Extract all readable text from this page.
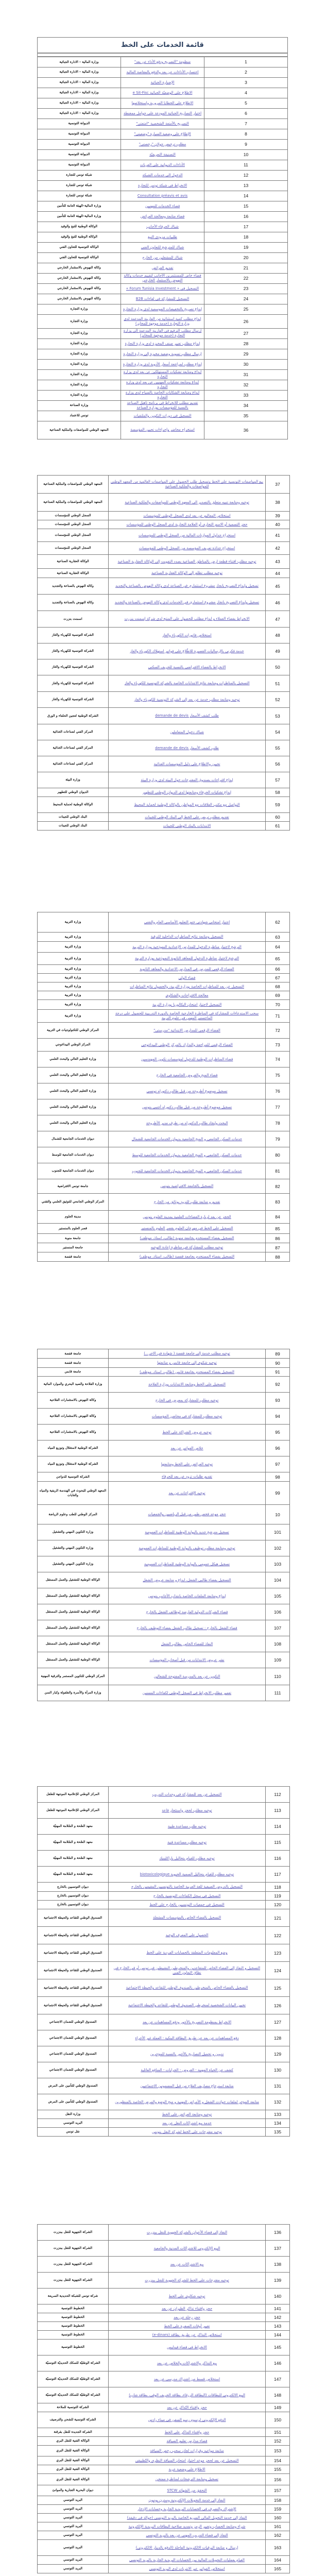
قائمة الخدمات على الخط		

وزارة المالية – الادارة الجبائية	منظومة "التصريح ودفع الأداء عن بعد"	1
وزارة المالية – الادارة الجبائية	احتساب الأداءات عن بعد والدفع بالمقاصة المالية	2
وزارة المالية – الادارة الجبائية	الإضبارة الجبائية	3
وزارة المالية – الادارة الجبائية	الاطلاع على الوضعيّة الجبائية e Sit-Fisc	4
وزارة المالية – الادارة الجبائية	الاطلاع على الخطايا المرورية واستخلاصها	5
وزارة المالية – الادارة الجبائية	اختيار التصاريح الجبائية المودعة على حوامل ممغنطة	6
الديوانة التونسية	التصريح بالأمتعة الشخصية "امتعتي"	7
الديوانة التونسية	الإطلاع على وضعية السيارة "وضعيتي"	8
الديوانة التونسية	مطلب ترخيص جولان "رخصتي"	9
الديوانة التونسية	التصنيفة التعريفيّة	10
الديوانة التونسية	الأداءات الديوانية على العربات	11
شبكة تونس للتجارة	الدخول الى خدمات الشبكة	12
شبكة تونس للتجارة	الانخراط في شبكة تونس للتجارة	13
شبكة تونس للتجارة	Consultation préavis et avis	14
وزارة المالية–الهيئة العامة للتأمين	فضاء الخدمات للمهنيين	15
وزارة المالية–الهيئة العامة للتأمين	فضاء متابعة ومعالجة العرائض	16
الوكالة الوطنية للتبغ والوقيد	شباك الحرفاء الأجانب	17
الوكالة الوطنية للتبغ والوقيد	طلبيات مزودي التبغ	18
الوكالة التونسية للتعاون الفني	شباك للمترشح للتعاون الفني	19
الوكالة التونسية للتعاون الفني	شباك للمشغلين من الخارج	20
وكالة النهوض بالاستثمار الخارجي	تقديم العرائض	21
وكالة النهوض بالاستثمار الخارجي	فضاء خاص للمستثمرين الأجانب لتقييم خدمات وكالة النهوض بالاستثمار الخارجي	22
وكالة النهوض بالاستثمار الخارجي	التسجيل في « Forum Tunisia Investment »	23
وكالة النهوض بالاستثمار الخارجي	التسجيل للمشاركة في لقاءات B2B	24
وزارة التجارة	إيداع تصريح بالتخفيضات الموسمية لدى وزارة التجارة	25
وزارة التجارة	إيداع مطلب كمية استثنائية من الفارينة المدعمة لدى وزارة التجارة (خدمة موجهة للمخابز)	26
وزارة التجارة	إرسال مطلب الترفيع في الفارينة المدعمة إلى وزارة التجارة (خدمة موجهة للمخابز)	27
وزارة التجارة	إيداع مطلب تغيير صنف المخبزة لدى وزارة التجارة	28
وزارة التجارة	إرسال مطلب تسوية وضعية مخبزة إلى وزارة التجارة	29
وزارة التجارة	إيداع مطلب لمراجعة أسعار الأدوية لدى وزارة التجارة	30
وزارة التجارة	إيداع ومتابعة تشكيات المستهلكين عن بعد لدى وزارة التجارة	31
وزارة التجارة	إيداع ومتابعة تشكيات المهنيين عن بعد لدى وزارة التجارة	32
وزارة التجارة	إيداع ومتابعة الشكايات الخاصة بالسياح لدى وزارة التجارة	33
وزارة الصناعة	تقديم مطلب للانخراط في برنامج تأهيل الصناعة بالنسبة للمؤسسات بوزارة الصناعة	34
تونس للاعتماد	التسجيل في دورات التكوين والملتقيات	35
المعهد الوطني للمواصفات والملكية الصناعية	استخراج محاضر وإجراءات تحيين المؤسسة	36
المعهد الوطني للمواصفات والملكية الصناعية	بيع المواصفات التونسية على الخط وتسجيل طلب الحصول على المواصفات العالمية من المعهد الوطني للمواصفات والملكية الصناعية	37
المعهد الوطني للمواصفات والملكية الصناعية	توجيه ومتابعة تنبيه متعلق بالتصدير الى المعهد الوطني للمواصفات والملكية الصناعية	38
السجل الوطني للمؤسسات	استخلاص المعاليم عن بعد لدى السجل الوطني للمؤسسات	39
السجل الوطني للمؤسسات	حجز التسمية أو الاسم التجاري أو العلامة التجارية لدى السجل الوطني للمؤسسات	40
السجل الوطني للمؤسسات	استخراج جداول الموازنات المالية من السجل الوطني للمؤسسات	41
السجل الوطني للمؤسسات	استخراج جذاذة تعريف المؤسسة من السجل الوطني للمؤسسات	42
الوكالة العقارية الصناعية	توجيه مطلب اقتناء قطعة ارض بالمناطق الصناعية بصدد التفويت إلى الوكالة العقارية الصناعية	43
الوكالة العقارية الصناعية	توجيه مطلب تظلم إلى الوكالة العقارية الصناعية	44
وكالة النهوض بالصناعة والتجديد	تسجيل وإيداع التصريح بانجاز مشروع استثماري في الصناعة لدى وكالة النهوض بالصناعة والتجديد	45
وكالة النهوض بالصناعة والتجديد	تسجيل وإيداع التصريح بانجاز مشروع استثماري في الخدمات لدى وكالة النهوض بالصناعة والتجديد	46
اسمنت بنزرت	الانخراط بفضاء العملاء و ايداع مطلب للحصول على المنتج لدى شركة إسمنت بنزرت	47
الشركة التونسية للكهرباء والغاز	استخلاص فاتورات الكهرباء والغاز	48
الشركة التونسية للكهرباء والغاز	خدمة فكرني بالإرساليات القصيرة للاطّلاع على فواتير استهلاك الكهرباء والغاز	49
الشركة التونسية للكهرباء والغاز	الانخراط بالفضاء الافتراضي بالنسبة للحريف السكني	50
الشركة التونسية للكهرباء والغاز	التسجيل بالمناظرات ومتابعة نتائج الانتدابات الخاصة بالشركة التونسية للكهرباء والغاز	51
الشركة التونسية للكهرباء والغاز	توجيه ومتابعة مطلب خدمة عن بعد إلى الشركة التونسية للكهرباء والغاز	52
الشركة الوطنية لعجين الحلفاء و الورق	طلب كشف الأسعار demande de devis	53
المركز الفني لصناعات الغذائية	شباك دخول المتعاملين	54
المركز الفني لصناعات الغذائية	طلب كشف الأسعار demande de devis	55
المركز الفني لصناعات الغذائية	تحيين والاطلاع على دليل المؤسسات الغذائية	56
وزارة البيئة	إيداع اقتراحات بصندوق المقترحات حول البيئة لدى وزارة البيئة	57
الديوان الوطني للتطهير	إيداع تشكيات الحرفاء ومتابعتها لدى الديوان الوطني للتطهير	58
الوكالة الوطنية لحماية المحيط	التواصل مع مكتب العلاقات مع المواطن بالوكالة الوطنية لحماية المحيط	59
البنك الوطني للجينات	تقديم مطلب تربص على الخط إلى البنك الوطني للجينات	60
البنك الوطني للجينات	الانتدابات بالبنك الوطني للجينات	61
وزارة التربية	اجتياز امتحاني شهادتي ختم التعليم الأساسي العام والتقني	62
وزارة التربية	التسجيل ومتابعة نتائج المناظرات الداخلية للترقية	63
وزارة التربية	الترشح لاجتياز مناظرة الدخول للمدارس الإعدادية النموذجية بوزارة التربية	64
وزارة التربية	الترشح لاجتياز مناظرة الدخول للمعاهد الثانوية النموذجية بوزارة التربية	65
وزارة التربية	الفضاء الرقمي للمدرس في المدارس الاعدادية والمعاهد الثانوية	66
وزارة التربية	فضاء الولي	67
وزارة التربية	التسجيل عن بعد للمناظرات الخاصة بوزارة التربية، والحصول نتائج المناظرات	68
وزارة التربية	معالجة الاقتراحات والشكاوى	69
وزارة التربية	التسجيل لاجتياز امتحان البكالوريا بوزارة التربية	70
وزارة التربية	سحب الاستدعاءات للمشاركة في المناظرة الخارجية الخاصة بالدورة التدريبية للحصول على درجة الماجستير المهني في علوم التربية	71
المركز الوطني للتكنولوجيات في التربية	الفضاء الرقمي للمدارس الابتدائية "مدرستي"	72
المركز الوطني البيداغوجي	الفضاء الرقمي للمراجعة والتدارك بالمركز الوطني البيداغوجي	73
وزارة التعليم العالي والبحث العلمي	فضاء المناظرات الوطنية للدخول لمؤسسات تكوين المهندسين	74
وزارة التعليم العالي والبحث العلمي	فضاء المنح والقروض الجامعية في الخارج	75
وزارة التعليم العالي والبحث العلمي	تسجيل موضوع أطروحة من قبل طالب دكتوراه تونسي	76
وزارة التعليم العالي والبحث العلمي	تسجيل موضوع أطروحة من قبل طالب دكتوراه أجنبي بتونس	77
وزارة التعليم العالي والبحث العلمي	البحث وإيجاد طالب الدكتوراه من طرف مدير الأطروحة	78
ديوان الخدمات الجامعية للشمال	خدمات السكن الجامعي و المنح الجامعية بديوان الخدمات الجامعية للشمال	79
ديوان الخدمات الجامعية للوسط	خدمات السكن الجامعي و المنح الجامعية بديوان الخدمات الجامعية للوسط	80
ديوان الخدمات الجامعية للجنوب	خدمات السكن الجامعي و المنح الجامعية بديوان الخدمات الجامعية للجنوب	81
جامعة تونس الافتراضية	التسجيل بالجامعة الافتراضية بتونس	82
المركز الوطني الجامعي للتوثيق العلمي والتقني	تقديم و متابعة طلب للتزود بوثائق من الخارج	83
مدينة العلوم	الحجز عن بعد لزيارة الفضاءات العلمية بمدينة العلوم بتونس	84
قصر العلوم بالمنستير	التسجيل على الخط في مهرجان العلوم بقصر العلوم بالمنستير	85
جامعة منوبة	التسجيل بفضاء المستخدم بجامعة منوبة (طالب، استاذ، موظف)	86
جامعة المنستير	توجيه مطلب للمشاركة في مناظرة إعادة التوجيه	87
جامعة قفصة	التسجيل بفضاء المستخدم بجامعة قفصة (طالب، استاذ، موظف)	88
جامعة قفصة	توجيه مطلب خدمة إلى جامعة قفصة ( شهادة في الاجر...)	89
جامعة قفصة	توجيه شكوى إلى جامعة قابس و متابعتها	90
جامعة قابس	التسجيل بفضاء المستخدم بجامعة قابس (طالب، استاذ، موظف)	91
وزارة الفلاحة والصيد البحري والموارد المائية	التسجيل على الخط ومتابعة الانتدابات بوزارة الفلاحة	92
وكالة النهوض بالاستثمارات الفلاحية	توجيه مطلب للمشاركة بمعرض في الخارج	93
وكالة النهوض بالاستثمارات الفلاحية	توجيه مطلب للمشاركة في محاضن المؤسسات	94
وكالة النهوض بالاستثمارات الفلاحية	توجيه عروض الشراكة على الخط	95
الشركة الوطنية لاستغلال وتوزيع المياه	خلاص الفواتير عن بعد	96
الشركة الوطنية لاستغلال وتوزيع المياه	توجيه العرائض على الخط ومتابعتها	97
الشركة التونسية للدواجن	تقديم طلبات تزود عن بعد للحرفاء	98
المعهد الوطني للبحوث في الهندسة الريفية والمياه والغابات	توجيه الإقتراحات عن بعد	99
المركز الوطني للطب وعلوم الرياضة	حجز موعد فحص طبي من قبل الرياضيين والجمعيات	10
وزارة التكوين المهني والتشغيل	تسجيل مترشح جديد بالبوابة الوطنية للمناظرات العمومية	101
وزارة التكوين المهني والتشغيل	توجيه ومتابعة مطلب توظيف بالبوابة الوطنية للمناظرات العمومية	102
وزارة التكوين المهني والتشغيل	تسجيل هيكل عمومي بالبوابة الوطنية للمناظرات العمومية	103
الوكالة الوطنية للتشغيل والعمل المستقل	التسجيل بفضاء طالبي الشغل، ايداع و متابعة عروض الشغل	104
الوكالة الوطنية للتشغيل والعمل المستقل	إيداع ومتابعة الملفات الخاصة بانتداب الأجانب بتونس	105
الوكالة الوطنية للتشغيل والعمل المستقل	فضاء الشركات الدولية العارضة لوظائف الشغل بالخارج	106
الوكالة الوطنية للتشغيل والعمل المستقل	فضاء الشغل بالخارج : تسجيل طالب الشغل بفضاء التوظيف بالخارج	107
الوكالة الوطنية للتشغيل والعمل المستقل	النفاذ للفضاء الخاص بطالب الشغل	108
الوكالة الوطنية للتشغيل والعمل المستقل	نشر عروض الانتدابات من قبل أصحاب المؤسسات	109
المركز الوطني للتكوين المستمر والترقية المهنية	التكوين عن بعد بالمدرسة المفتوحة للشغالين	110
وزارة المرأة والأسرة والطفولة وكبار السن	تعمير مطلب الانخراط في السجل الوطني لكفاءات المسنين	111
المركز الوطني للإعلامية الموجهة للطفل	التسجيل عن بعد للمشاركة في وحدات التدريب	112
المركز الوطني للإعلامية الموجهة للطفل	توجيه مطلب لحجز واستئجار قاعة	113
معهد الصّحة و السّلامة المهنيّة	توجيه طلب مساعدة طبية	114
معهد الصّحة و السّلامة المهنيّة	توجيه مطلب مساعدة فنية	115
معهد الصّحة و السّلامة المهنيّة	توجيه مطلب للقيام بتحاليل باراكلينيك	116
معهد الصّحة و السّلامة المهنيّة	توجيه مطلب للقيام بتحاليل السمية الحيوية biotoxicologique	117
ديوان التونسيين بالخارج	التسجيل بالدروس الصيفية للغة العربية الخاصة بالتونسيين المقيمين بالخارج	118
ديوان التونسيين بالخارج	التسجيل في سجل الكفاءات التونسية بالخارج	119
ديوان التونسيين بالخارج	التسجيل في جمعيات التونسيين بالخارج على الخط	120
الصندوق الوطني للتقاعد والحيطة الاجتماعية	التسجيل بالفضاء الخاص بالمؤسسات المشغلة	121
الصندوق الوطني للتقاعد والحيطة الاجتماعية	الحصول على المعرف الوحيد	122
الصندوق الوطني للتقاعد والحيطة الاجتماعية	وضع المعلومات المتعلقة بالحسابات الفردية على الخط	123
الصندوق الوطني للتقاعد والحيطة الاجتماعية	التسجيل و النفاذ إلى الفضاء الخاص للمتقاعدين والمنخرطين النشيطين في تونس أو في الخارج في نطاق التعاون الفني	124
الصندوق الوطني للتقاعد والحيطة الاجتماعية	التسجيل بالفضاء الخاص بالمنخرطين بالصندوق الوطني للتقاعد والحيطة الإجتماعية	125
الصندوق الوطني للتقاعد والحيطة الاجتماعية	تحيين البيانات الشخصية لمنخرطي الصندوق الوطني للتقاعد والحيطة الاجتماعية	126
الصندوق الوطني للضمان الاجتماعي	الانخراط بمنظومة التصريح بالأجور ودفع المساهمات عن بعد	127
الصندوق الوطني للضمان الاجتماعي	دفع المساهمات عن بعد عن طريق البطاقة البنكية - العملة غير الأجراء	128
الصندوق الوطني للضمان الاجتماعي	تدوين و تحميل التصاريح بالأجور بالنسبة للمؤجرين	129
الصندوق الوطني للضمان الاجتماعي	كشف عن الحياة المهنية - القروض - الجرايات - المنافع العائلية	130
الصندوق الوطني للتأمين على المرض	متابعة استرجاع مصاريف العلاج من قبل المضمونين الاجتماعيين	131
الصندوق الوطني للتأمين على المرض	متابعة المؤجر لملفات حوادث الشغل و الأمراض المهنية و منح الوضع والمرض الخاصة بالمنظورين	132
وزارة النقل	توجيه ومتابعة العرائض على الخط	133
البريد التونسي	خدمة بيع اشتراكات النقل عن بعد	134
نقل تونس	توجيه مقترحات على الخط لشركة النقل بتونس	135
الشركة الجهوية للنقل ببنزرت	النفاذ إلى فضاء الأعوان بالشركة الجهوية للنقل ببنزرت	136
الشركة الجهوية للنقل ببنزرت	البيع الإلكتروني للاشتراكات المدنية والجامعية	137
الشركة الجهوية للنقل ببنزرت	بيع الاشتراكات عن بعد	138
الشركة الجهوية للنقل ببنزرت	توجيه مقترحات على الخط للشركة الجهوية للنقل ببنزرت	139
شركة تونس للشبكة الحديدية السريعة	توجيه شكاوى على الخط	140
الخطوط التونسية	حجز واقتناء تذاكر الطيران عن بعد	141
الخطوط التونسية	حجز رحلة عن بعد	142
الخطوط التونسية	تغيير أوقات السفرة على الخط	143
الخطوط التونسية	استخلاص التذاكر عن طريق بطاقة (e-dinars)	144
الخطوط التونسية	الانخراط في فضاء فيدليس	145
الشركة الوطنيّة للسكك الحديديّة التونسيّة	بيع التذاكر والاشتراكات والخلاص عن بعد	146
الشركة الوطنيّة للسكك الحديديّة التونسيّة	استخلاص قسط من اشتراك مدرسي عن بعد	147
الشركة الوطنيّة للسكك الحديديّة التونسيّة	البيع الالكتروني للبطاقات (البطاقة الزرقاء، بطاقة الحريف الوفي، بطاقة شاب)	148
الشركة التونسية للملاحة	حجز واقتناء التّذاكر عن بعد	149
الشركة التونسية للشحن والترصيف	الدفع الإلكتروني لرسوم رسو السفن في ميناء رادس	150
الشركة الجديدة للنقل بقرقنة	حجز واقتناء التذاكر على الخط	151
الوكالة الفنية للنقل البري	فضاء مدارس تعليم السياقة	152
الوكالة الفنية للنقل البري	متابعة مواعيد وقرارات لجان سحب رخص السياقة	153
الوكالة الفنية للنقل البري	التسجيل عن بعد لحجز موعد اجتياز امتحان السياقة النظري والتّطبيقي	154
الوكالة الفنية للنقل البري	الاطلاع على وضعية عربة	155
الوكالة الفنية للنقل البري	تسجيل ومتابعة الترشحات لمناظرة ممتحن	156
ديوان البحرية التجارية والموانئ	التحقق من الشهائد STCW	157
البريد التونسي	النفاذ إلى خدمة التحويلات الإلكترونية وسترن يونيون	158
البريد التونسي	الإشتراك والتصرف في الحسابات البريدية الجارية وحسابات الإدخار	159
البريد التونسي	النفاذ إلى خدمة التحويل المالي السريع الخاصة بالبريد التونسي (حوالة في دقيقة)	160
البريد التونسي	شراء ومتابعة الحساب وتغيير الرمز وتمديد صلاحية البطاقات البريدية الإلكترونية	161
البريد التونسي	النفاذ إلى فضاء التدريب المهني عن بعد بالبريد التونسي	162
البريد التونسي	إرسال و متابعة البرقيات الالكترونية العاجلة (الدفع بالدينار الالكتروني)	163
البريد التونسي	القيام بعمليات التحويلات المالية بين الحسابات البريدية الجارية بالبريد التونسي	164
البريد التونسي	استخلاص الفواتير عبر الانترنات لدى البريد التونسي	165
